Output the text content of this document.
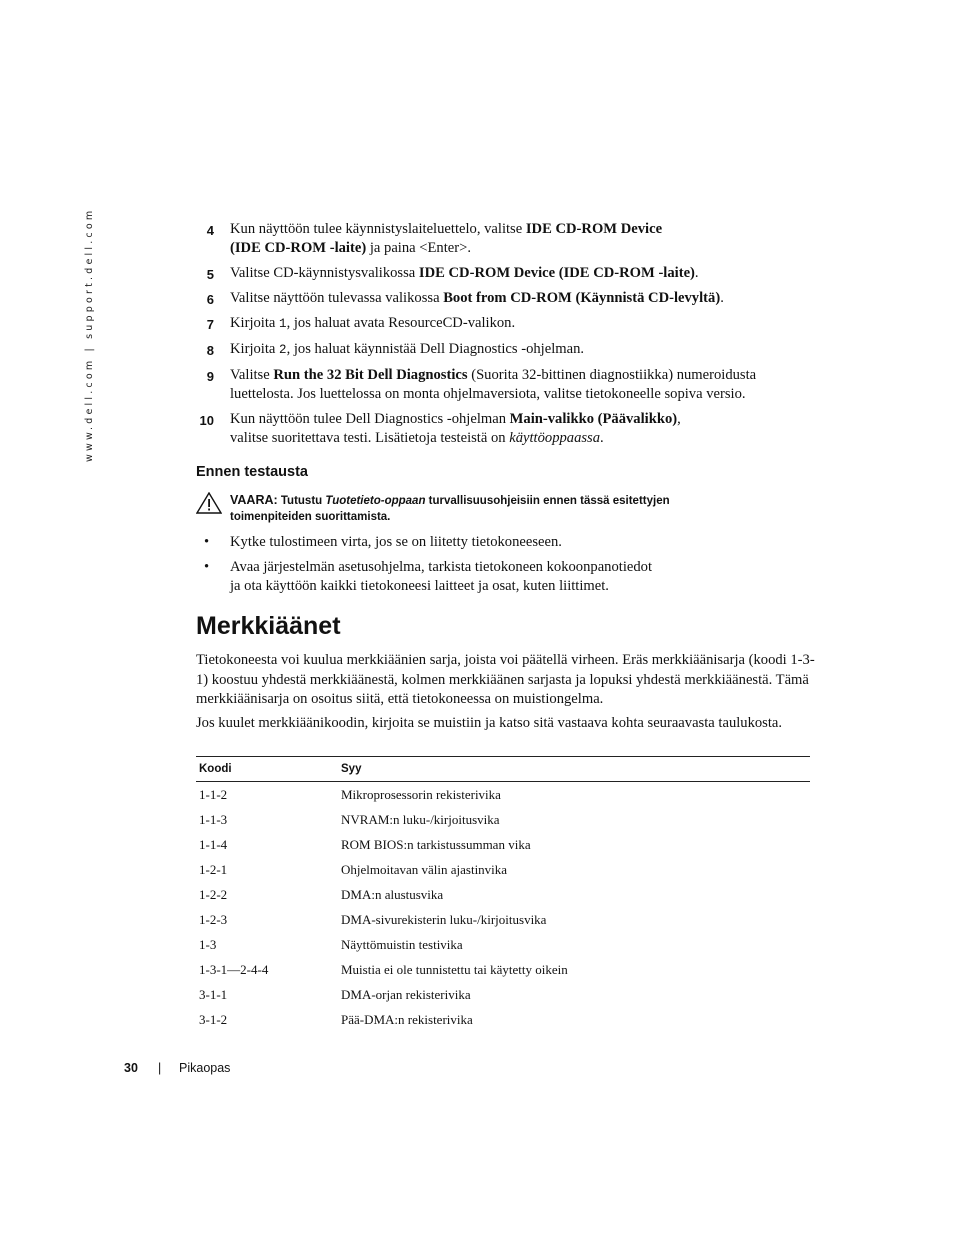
www.dell.com | support.dell.com	4 Kun näyttöön tulee käynnistyslaiteluettelo, valitse IDE CD-ROM Device
(IDE CD-ROM -laite) ja paina <Enter>.
5 Valitse CD-käynnistysvalikossa IDE CD-ROM Device (IDE CD-ROM -laite).
6 Valitse näyttöön tulevassa valikossa Boot from CD-ROM (Käynnistä CD-levyltä).
7 Kirjoita 1, jos haluat avata ResourceCD-valikon.
8 Kirjoita 2, jos haluat käynnistää Dell Diagnostics -ohjelman.
9 Valitse Run the 32 Bit Dell Diagnostics (Suorita 32-bittinen diagnostiikka) numeroidusta
luettelosta. Jos luettelossa on monta ohjelmaversiota, valitse tietokoneelle sopiva versio.
10 Kun näyttöön tulee Dell Diagnostics -ohjelman Main-valikko (Päävalikko),
valitse suoritettava testi. Lisätietoja testeistä on käyttöoppaassa.
Ennen testausta
VAARA: Tutustu Tuotetieto-oppaan turvallisuusohjeisiin ennen tässä esitettyjen toimenpiteiden suorittamista.
• Kytke tulostimeen virta, jos se on liitetty tietokoneeseen.
• Avaa järjestelmän asetusohjelma, tarkista tietokoneen kokoonpanotiedot
ja ota käyttöön kaikki tietokoneesi laitteet ja osat, kuten liittimet.
Merkkiäänet
Tietokoneesta voi kuulua merkkiäänien sarja, joista voi päätellä virheen. Eräs merkkiäänisarja (koodi 1-3-1) koostuu yhdestä merkkiäänestä, kolmen merkkiäänen sarjasta ja lopuksi yhdestä merkkiäänestä. Tämä merkkiäänisarja on osoitus siitä, että tietokoneessa on muistiongelma.
Jos kuulet merkkiäänikoodin, kirjoita se muistiin ja katso sitä vastaava kohta seuraavasta taulukosta.
Koodi	Syy
1-1-2	Mikroprosessorin rekisterivika
1-1-3	NVRAM:n luku-/kirjoitusvika
1-1-4	ROM BIOS:n tarkistussumman vika
1-2-1	Ohjelmoitavan välin ajastinvika
1-2-2	DMA:n alustusvika
1-2-3	DMA-sivurekisterin luku-/kirjoitusvika
1-3	Näyttömuistin testivika
1-3-1—2-4-4	Muistia ei ole tunnistettu tai käytetty oikein
3-1-1	DMA-orjan rekisterivika
3-1-2	Pää-DMA:n rekisterivika
30 | Pikaopas
